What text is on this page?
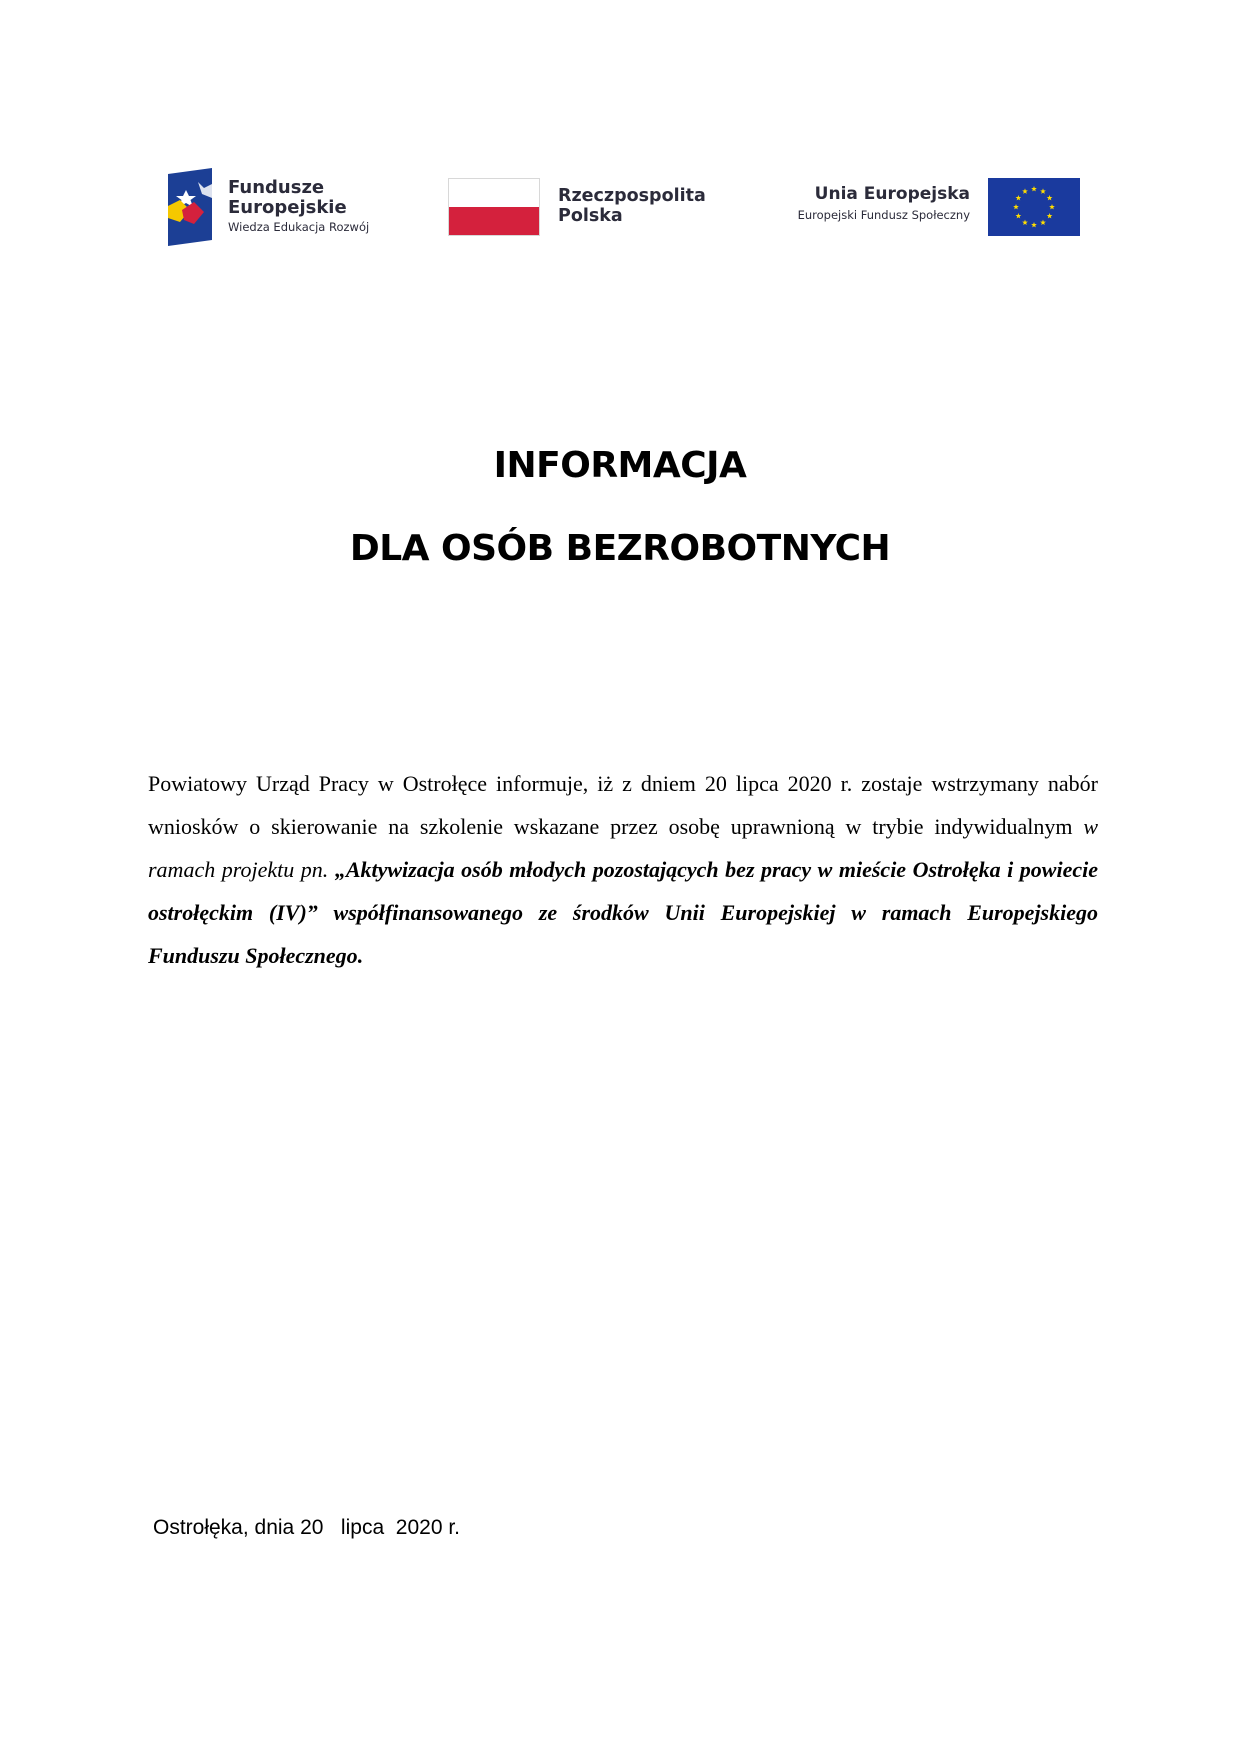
Fundusze
Europejskie
Wiedza Edukacja Rozwój
Rzeczpospolita
Polska
Unia Europejska
Europejski Fundusz Społeczny
INFORMACJA
DLA OSÓB BEZROBOTNYCH

Powiatowy Urząd Pracy w Ostrołęce informuje, iż z dniem 20 lipca 2020 r. zostaje wstrzymany nabór wniosków o skierowanie na szkolenie wskazane przez osobę uprawnioną w trybie indywidualnym w ramach projektu pn. „Aktywizacja osób młodych pozostających bez pracy w mieście Ostrołęka i powiecie ostrołęckim (IV)” współfinansowanego ze środków Unii Europejskiej w ramach Europejskiego Funduszu Społecznego.

Ostrołęka, dnia 20   lipca  2020 r.
